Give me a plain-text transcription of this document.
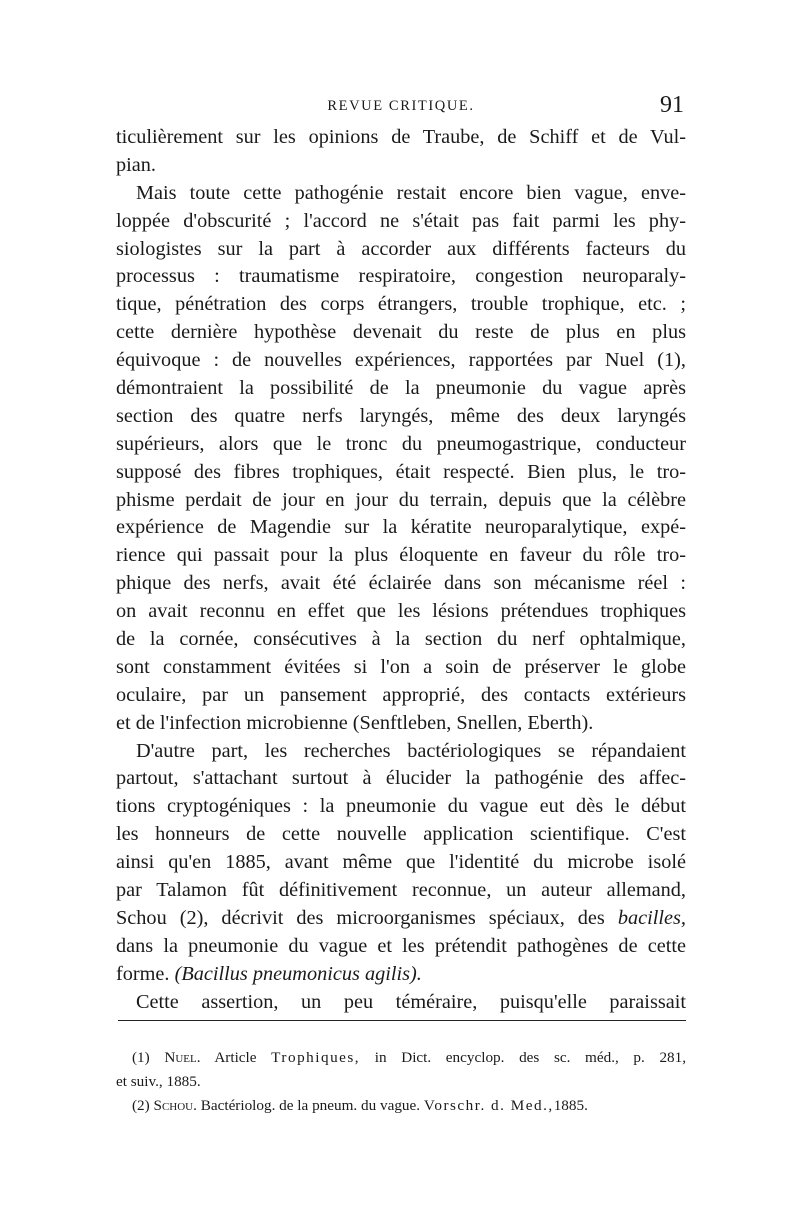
REVUE CRITIQUE.	91
ticulièrement sur les opinions de Traube, de Schiff et de Vul-
pian.
Mais toute cette pathogénie restait encore bien vague, enve-
loppée d'obscurité ; l'accord ne s'était pas fait parmi les phy-
siologistes sur la part à accorder aux différents facteurs du
processus : traumatisme respiratoire, congestion neuroparaly-
tique, pénétration des corps étrangers, trouble trophique, etc. ;
cette dernière hypothèse devenait du reste de plus en plus
équivoque : de nouvelles expériences, rapportées par Nuel (1),
démontraient la possibilité de la pneumonie du vague après
section des quatre nerfs laryngés, même des deux laryngés
supérieurs, alors que le tronc du pneumogastrique, conducteur
supposé des fibres trophiques, était respecté. Bien plus, le tro-
phisme perdait de jour en jour du terrain, depuis que la célèbre
expérience de Magendie sur la kératite neuroparalytique, expé-
rience qui passait pour la plus éloquente en faveur du rôle tro-
phique des nerfs, avait été éclairée dans son mécanisme réel :
on avait reconnu en effet que les lésions prétendues trophiques
de la cornée, consécutives à la section du nerf ophtalmique,
sont constamment évitées si l'on a soin de préserver le globe
oculaire, par un pansement approprié, des contacts extérieurs
et de l'infection microbienne (Senftleben, Snellen, Eberth).
D'autre part, les recherches bactériologiques se répandaient
partout, s'attachant surtout à élucider la pathogénie des affec-
tions cryptogéniques : la pneumonie du vague eut dès le début
les honneurs de cette nouvelle application scientifique. C'est
ainsi qu'en 1885, avant même que l'identité du microbe isolé
par Talamon fût définitivement reconnue, un auteur allemand,
Schou (2), décrivit des microorganismes spéciaux, des bacilles,
dans la pneumonie du vague et les prétendit pathogènes de cette
forme. (Bacillus pneumonicus agilis).
Cette assertion, un peu téméraire, puisqu'elle paraissait
(1) Nuel. Article Trophiques, in Dict. encyclop. des sc. méd., p. 281,
et suiv., 1885.
(2) Schou. Bactériolog. de la pneum. du vague. Vorschr. d. Med.,1885.
